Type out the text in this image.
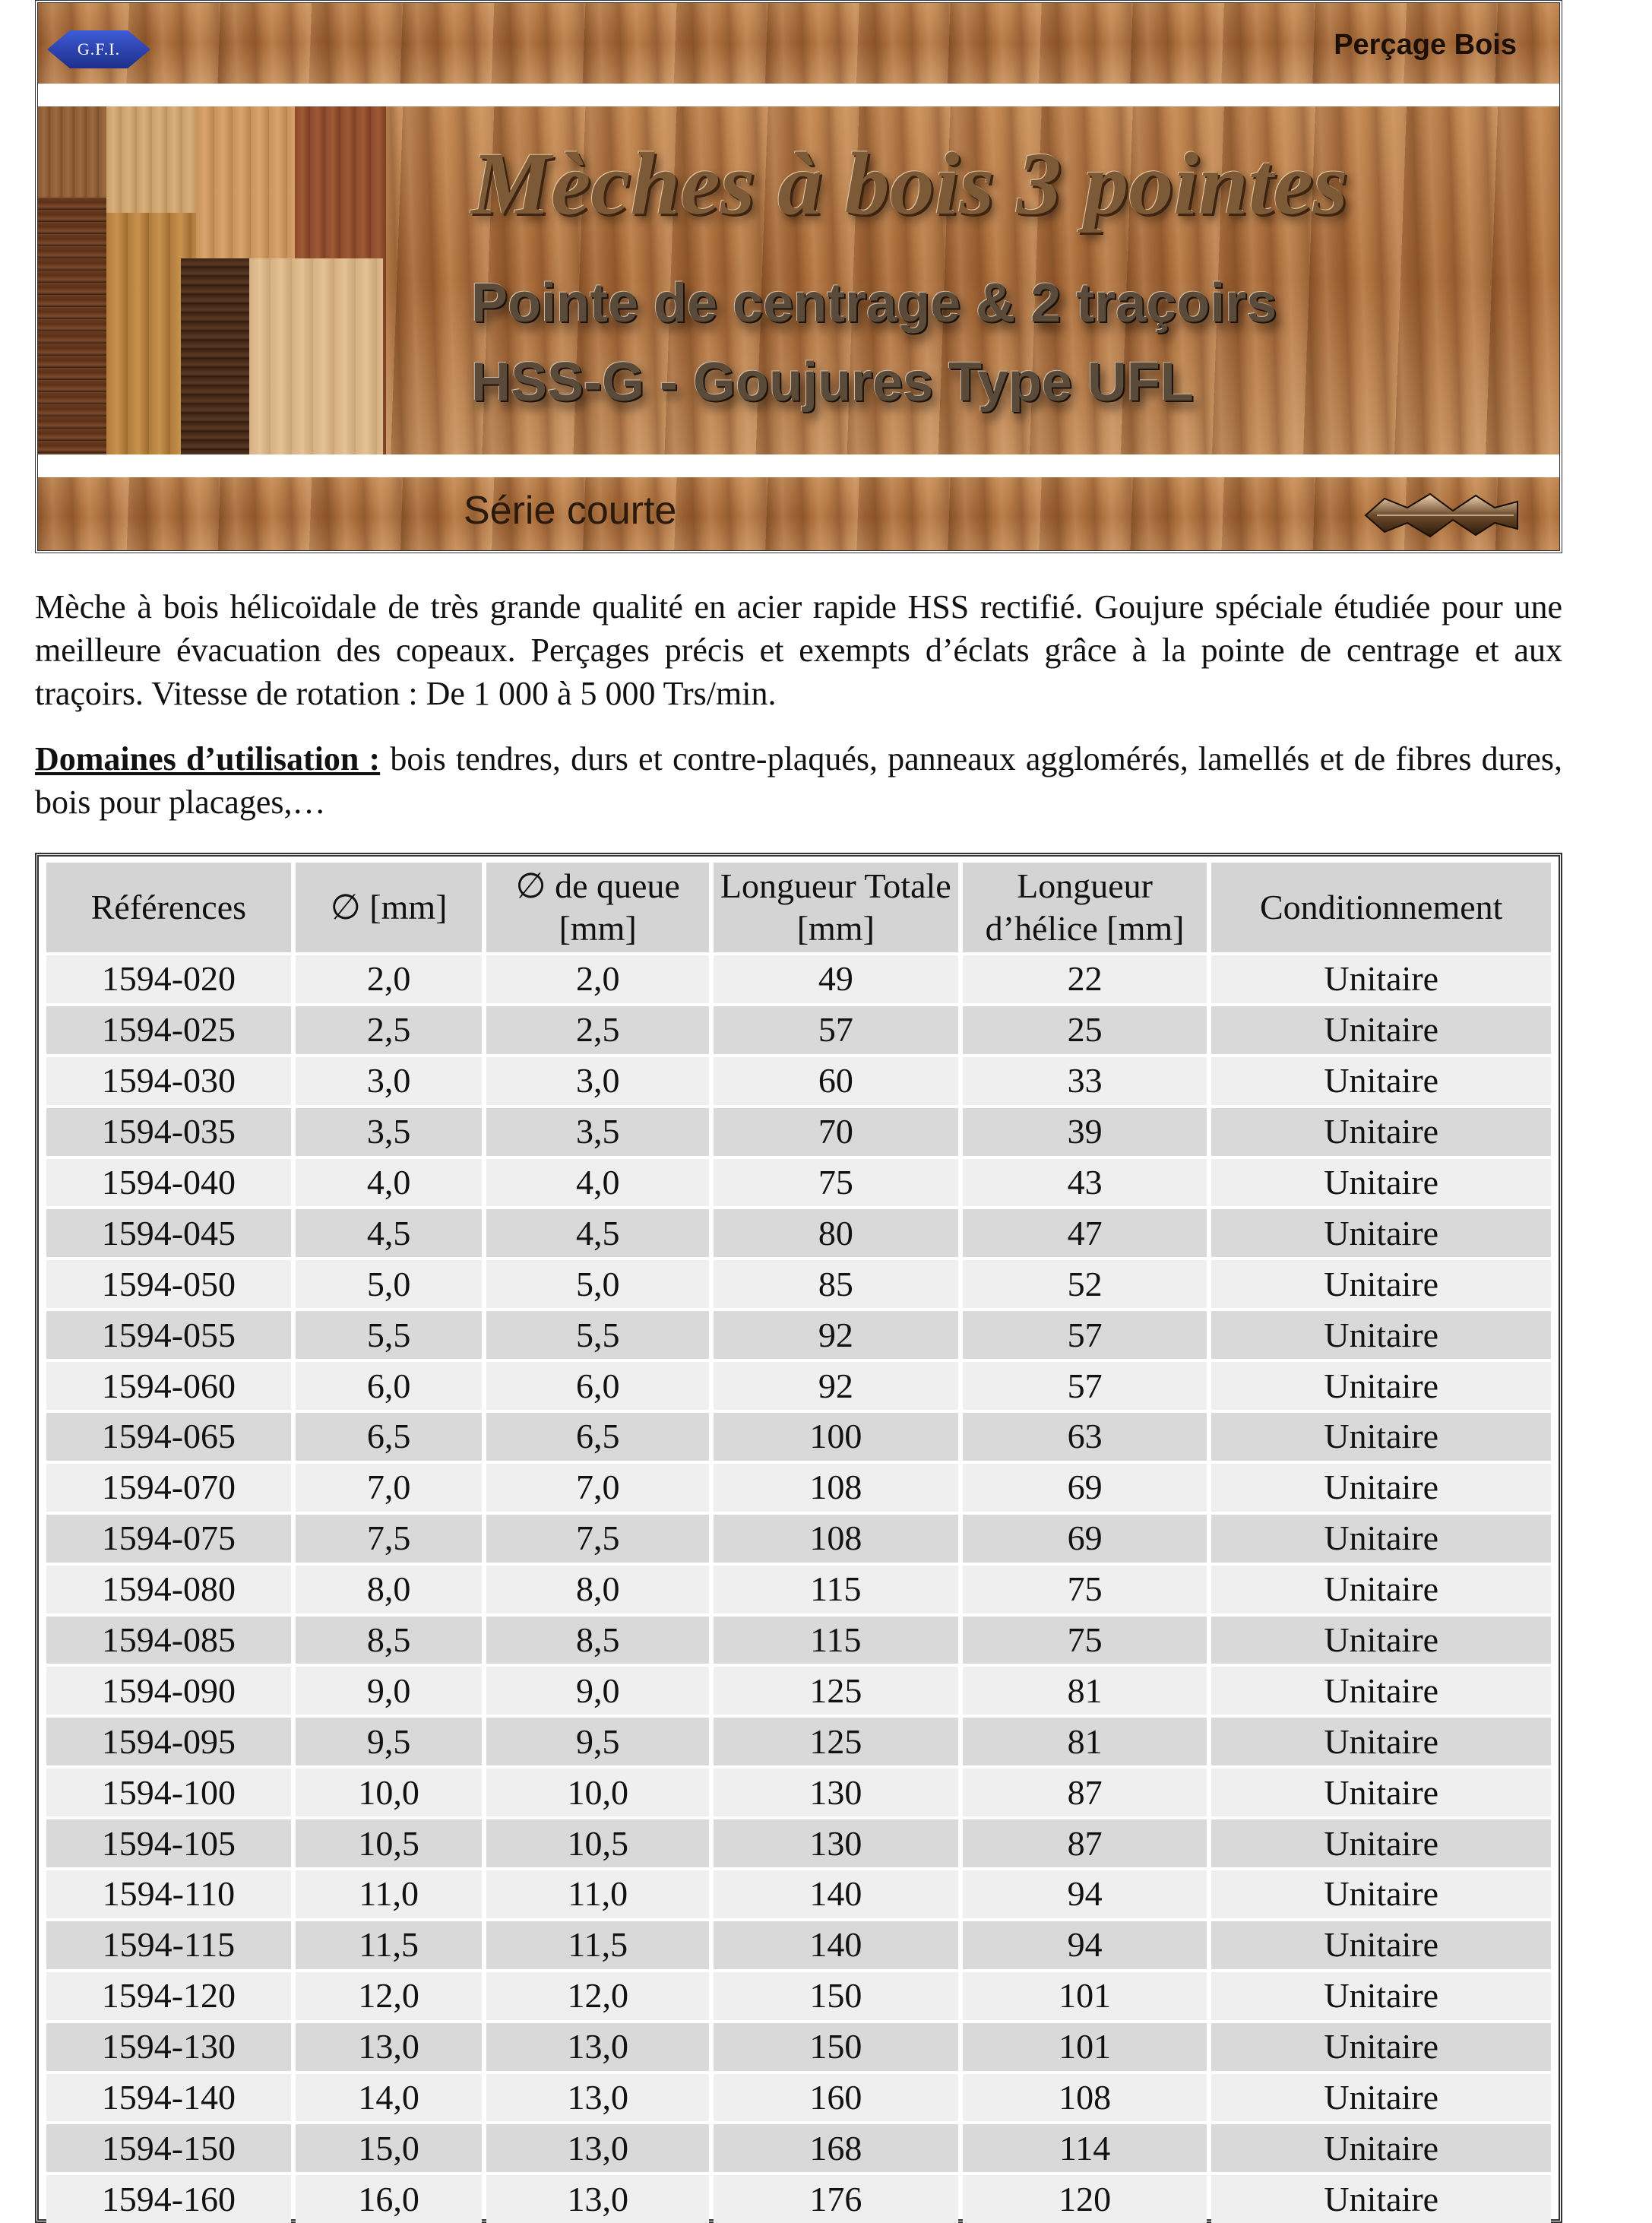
G.F.I.	Perçage Bois
Mèches à bois 3 pointes
Pointe de centrage & 2 traçoirs
HSS-G - Goujures Type UFL
Série courte

Mèche à bois hélicoïdale de très grande qualité en acier rapide HSS rectifié. Goujure spéciale étudiée pour une meilleure évacuation des copeaux. Perçages précis et exempts d’éclats grâce à la pointe de centrage et aux traçoirs. Vitesse de rotation : De 1 000 à 5 000 Trs/min.

Domaines d’utilisation : bois tendres, durs et contre-plaqués, panneaux agglomérés, lamellés et de fibres dures, bois pour placages,…

Références	∅ [mm]	∅ de queue [mm]	Longueur Totale [mm]	Longueur d’hélice [mm]	Conditionnement
1594-020	2,0	2,0	49	22	Unitaire
1594-025	2,5	2,5	57	25	Unitaire
1594-030	3,0	3,0	60	33	Unitaire
1594-035	3,5	3,5	70	39	Unitaire
1594-040	4,0	4,0	75	43	Unitaire
1594-045	4,5	4,5	80	47	Unitaire
1594-050	5,0	5,0	85	52	Unitaire
1594-055	5,5	5,5	92	57	Unitaire
1594-060	6,0	6,0	92	57	Unitaire
1594-065	6,5	6,5	100	63	Unitaire
1594-070	7,0	7,0	108	69	Unitaire
1594-075	7,5	7,5	108	69	Unitaire
1594-080	8,0	8,0	115	75	Unitaire
1594-085	8,5	8,5	115	75	Unitaire
1594-090	9,0	9,0	125	81	Unitaire
1594-095	9,5	9,5	125	81	Unitaire
1594-100	10,0	10,0	130	87	Unitaire
1594-105	10,5	10,5	130	87	Unitaire
1594-110	11,0	11,0	140	94	Unitaire
1594-115	11,5	11,5	140	94	Unitaire
1594-120	12,0	12,0	150	101	Unitaire
1594-130	13,0	13,0	150	101	Unitaire
1594-140	14,0	13,0	160	108	Unitaire
1594-150	15,0	13,0	168	114	Unitaire
1594-160	16,0	13,0	176	120	Unitaire
